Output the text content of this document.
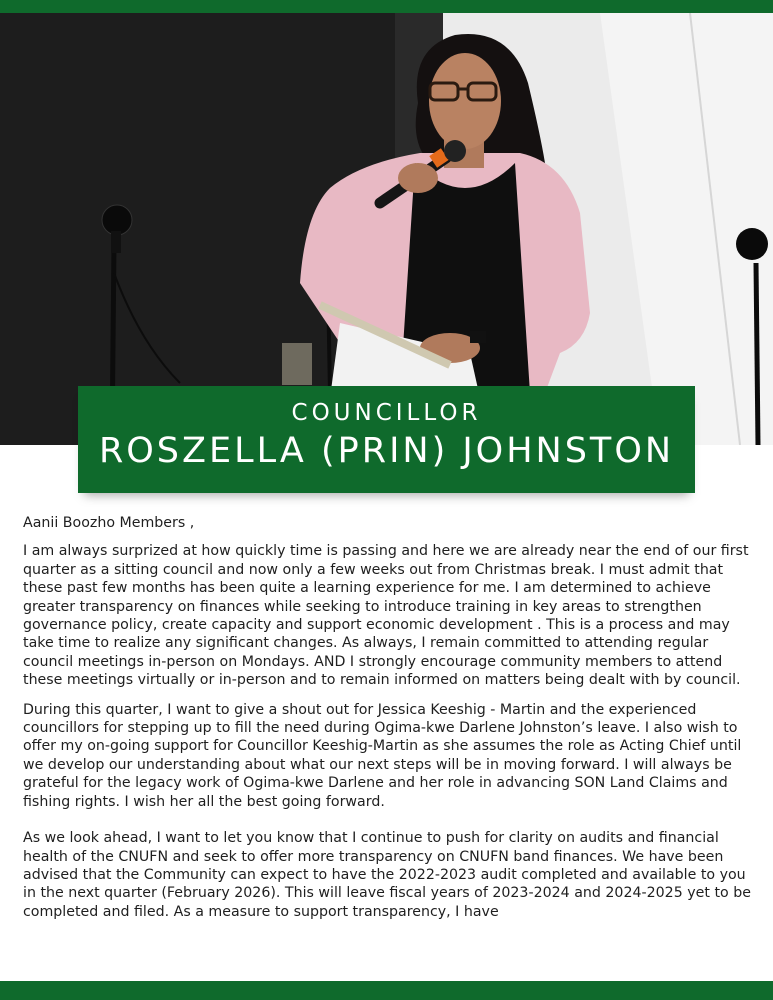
COUNCILLOR
ROSZELLA (PRIN) JOHNSTON

Aanii Boozho Members ,

I am always surprized at how quickly time is passing and here we are already near the end of our first quarter as a sitting council and now only a few weeks out from Christmas break. I must admit that these past few months has been quite a learning experience for me. I am determined to achieve greater transparency on finances while seeking to introduce training in key areas to strengthen governance policy, create capacity and support economic development . This is a process and may take time to realize any significant changes. As always, I remain committed to attending regular council meetings in-person on Mondays. AND I strongly encourage community members to attend these meetings virtually or in-person and to remain informed on matters being dealt with by council.

During this quarter, I want to give a shout out for Jessica Keeshig - Martin and the experienced councillors for stepping up to fill the need during Ogima-kwe Darlene Johnston’s leave. I also wish to offer my on-going support for Councillor Keeshig-Martin as she assumes the role as Acting Chief until we develop our understanding about what our next steps will be in moving forward. I will always be grateful for the legacy work of Ogima-kwe Darlene and her role in advancing SON Land Claims and fishing rights. I wish her all the best going forward.

As we look ahead, I want to let you know that I continue to push for clarity on audits and financial health of the CNUFN and seek to offer more transparency on CNUFN band finances. We have been advised that the Community can expect to have the 2022-2023 audit completed and available to you in the next quarter (February 2026). This will leave fiscal years of 2023-2024 and 2024-2025 yet to be completed and filed. As a measure to support transparency, I have
